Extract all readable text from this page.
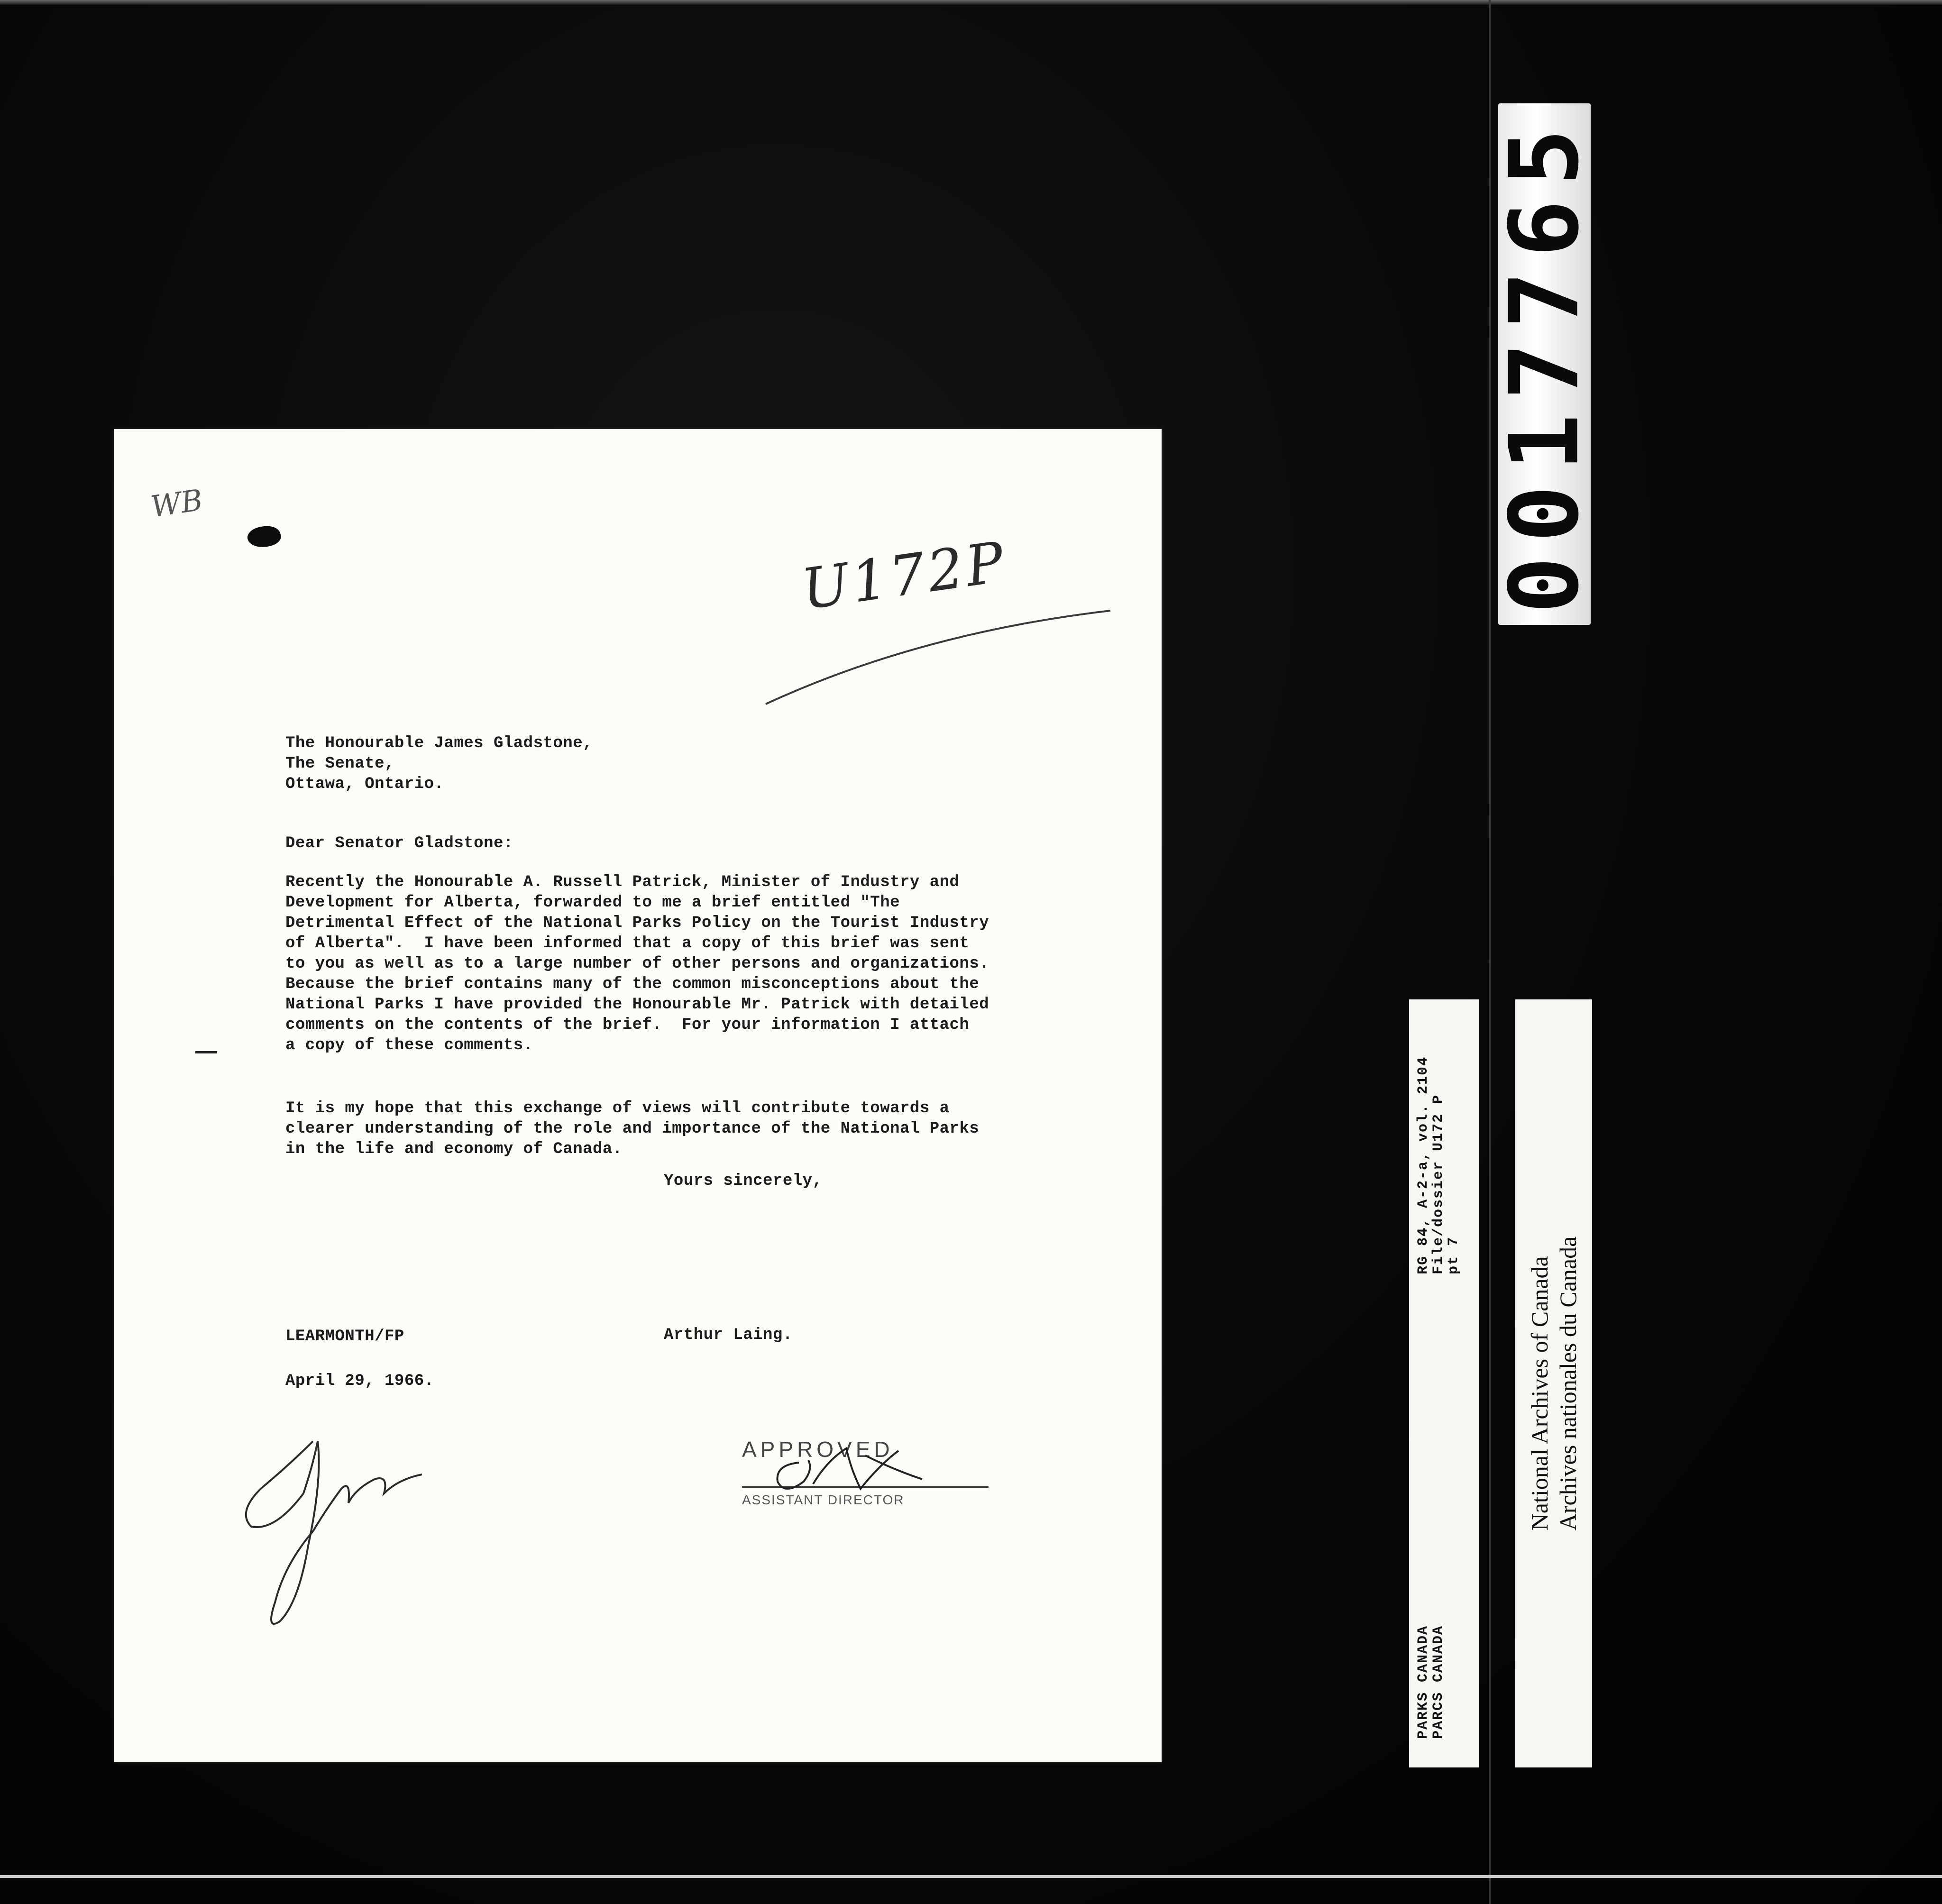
WB
U172P
The Honourable James Gladstone,
The Senate,
Ottawa, Ontario.
Dear Senator Gladstone:
Recently the Honourable A. Russell Patrick, Minister of Industry and
Development for Alberta, forwarded to me a brief entitled "The
Detrimental Effect of the National Parks Policy on the Tourist Industry
of Alberta".  I have been informed that a copy of this brief was sent
to you as well as to a large number of other persons and organizations.
Because the brief contains many of the common misconceptions about the
National Parks I have provided the Honourable Mr. Patrick with detailed
comments on the contents of the brief.  For your information I attach
a copy of these comments.
It is my hope that this exchange of views will contribute towards a
clearer understanding of the role and importance of the National Parks
in the life and economy of Canada.
Yours sincerely,
LEARMONTH/FP	Arthur Laing.
April 29, 1966.
APPROVED
ASSISTANT DIRECTOR
0017765
PARKS CANADA
PARCS CANADA
RG 84, A-2-a, vol. 2104
File/dossier U172 P
pt 7
National Archives of Canada Archives nationales du Canada
